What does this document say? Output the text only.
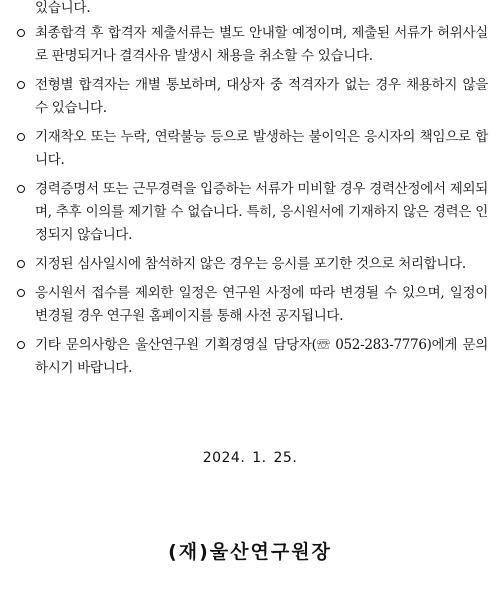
있습니다.
최종합격 후 합격자 제출서류는 별도 안내할 예정이며, 제출된 서류가 허위사실로 판명되거나 결격사유 발생시 채용을 취소할 수 있습니다.
전형별 합격자는 개별 통보하며, 대상자 중 적격자가 없는 경우 채용하지 않을 수 있습니다.
기재착오 또는 누락, 연락불능 등으로 발생하는 불이익은 응시자의 책임으로 합니다.
경력증명서 또는 근무경력을 입증하는 서류가 미비할 경우 경력산정에서 제외되며, 추후 이의를 제기할 수 없습니다. 특히, 응시원서에 기재하지 않은 경력은 인정되지 않습니다.
지정된 심사일시에 참석하지 않은 경우는 응시를 포기한 것으로 처리합니다.
응시원서 접수를 제외한 일정은 연구원 사정에 따라 변경될 수 있으며, 일정이 변경될 경우 연구원 홈페이지를 통해 사전 공지됩니다.
기타 문의사항은 울산연구원 기획경영실 담당자(☏ 052-283-7776)에게 문의하시기 바랍니다.
2024. 1. 25.
(재)울산연구원장
